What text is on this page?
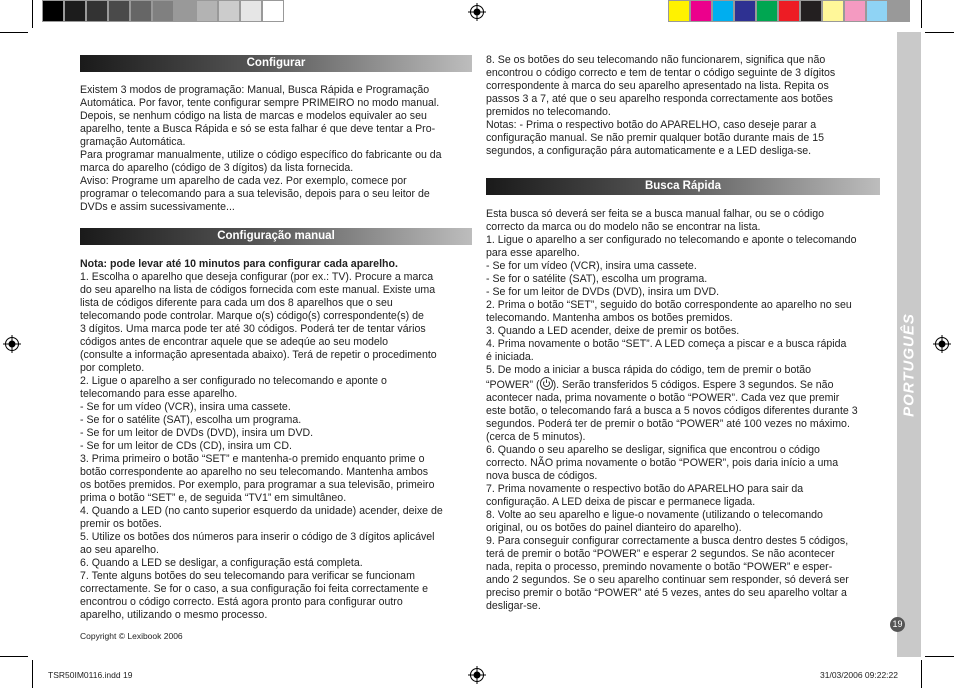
PORTUGUÊS
19
Configurar

Existem 3 modos de programação: Manual, Busca Rápida e Programação
Automática. Por favor, tente configurar sempre PRIMEIRO no modo manual.
Depois, se nenhum código na lista de marcas e modelos equivaler ao seu
aparelho, tente a Busca Rápida e só se esta falhar é que deve tentar a Pro-
gramação Automática.
Para programar manualmente, utilize o código específico do fabricante ou da
marca do aparelho (código de 3 dígitos) da lista fornecida.
Aviso: Programe um aparelho de cada vez. Por exemplo, comece por
programar o telecomando para a sua televisão, depois para o seu leitor de
DVDs e assim sucessivamente...

Configuração manual

Nota: pode levar até 10 minutos para configurar cada aparelho.

1. Escolha o aparelho que deseja configurar (por ex.: TV). Procure a marca
do seu aparelho na lista de códigos fornecida com este manual. Existe uma
lista de códigos diferente para cada um dos 8 aparelhos que o seu
telecomando pode controlar. Marque o(s) código(s) correspondente(s) de
3 dígitos. Uma marca pode ter até 30 códigos. Poderá ter de tentar vários
códigos antes de encontrar aquele que se adeqúe ao seu modelo
(consulte a informação apresentada abaixo). Terá de repetir o procedimento
por completo.
2. Ligue o aparelho a ser configurado no telecomando e aponte o
telecomando para esse aparelho.
- Se for um vídeo (VCR), insira uma cassete.
- Se for o satélite (SAT), escolha um programa.
- Se for um leitor de DVDs (DVD), insira um DVD.
- Se for um leitor de CDs (CD), insira um CD.
3. Prima primeiro o botão “SET” e mantenha-o premido enquanto prime o
botão correspondente ao aparelho no seu telecomando. Mantenha ambos
os botões premidos. Por exemplo, para programar a sua televisão, primeiro
prima o botão “SET” e, de seguida “TV1” em simultâneo.
4. Quando a LED (no canto superior esquerdo da unidade) acender, deixe de
premir os botões.
5. Utilize os botões dos números para inserir o código de 3 dígitos aplicável
ao seu aparelho.
6. Quando a LED se desligar, a configuração está completa.
7. Tente alguns botões do seu telecomando para verificar se funcionam
correctamente. Se for o caso, a sua configuração foi feita correctamente e
encontrou o código correcto. Está agora pronto para configurar outro
aparelho, utilizando o mesmo processo.

Copyright © Lexibook 2006

8. Se os botões do seu telecomando não funcionarem, significa que não
encontrou o código correcto e tem de tentar o código seguinte de 3 dígitos
correspondente à marca do seu aparelho apresentado na lista. Repita os
passos 3 a 7, até que o seu aparelho responda correctamente aos botões
premidos no telecomando.
Notas: - Prima o respectivo botão do APARELHO, caso deseje parar a
configuração manual. Se não premir qualquer botão durante mais de 15
segundos, a configuração pára automaticamente e a LED desliga-se.

Busca Rápida

Esta busca só deverá ser feita se a busca manual falhar, ou se o código
correcto da marca ou do modelo não se encontrar na lista.
1. Ligue o aparelho a ser configurado no telecomando e aponte o telecomando
para esse aparelho.
- Se for um vídeo (VCR), insira uma cassete.
- Se for o satélite (SAT), escolha um programa.
- Se for um leitor de DVDs (DVD), insira um DVD.
2. Prima o botão “SET”, seguido do botão correspondente ao aparelho no seu
telecomando. Mantenha ambos os botões premidos.
3. Quando a LED acender, deixe de premir os botões.
4. Prima novamente o botão “SET”. A LED começa a piscar e a busca rápida
é iniciada.
5. De modo a iniciar a busca rápida do código, tem de premir o botão

“POWER” ( ). Serão transferidos 5 códigos. Espere 3 segundos. Se não

acontecer nada, prima novamente o botão “POWER”. Cada vez que premir
este botão, o telecomando fará a busca a 5 novos códigos diferentes durante 3
segundos. Poderá ter de premir o botão “POWER” até 100 vezes no máximo.
(cerca de 5 minutos).
6. Quando o seu aparelho se desligar, significa que encontrou o código
correcto. NÃO prima novamente o botão “POWER”, pois daria início a uma
nova busca de códigos.
7. Prima novamente o respectivo botão do APARELHO para sair da
configuração. A LED deixa de piscar e permanece ligada.
8. Volte ao seu aparelho e ligue-o novamente (utilizando o telecomando
original, ou os botões do painel dianteiro do aparelho).
9. Para conseguir configurar correctamente a busca dentro destes 5 códigos,
terá de premir o botão “POWER” e esperar 2 segundos. Se não acontecer
nada, repita o processo, premindo novamente o botão “POWER” e esper-
ando 2 segundos. Se o seu aparelho continuar sem responder, só deverá ser
preciso premir o botão “POWER” até 5 vezes, antes do seu aparelho voltar a
desligar-se.

TSR50IM0116.indd 19	31/03/2006 09:22:22
